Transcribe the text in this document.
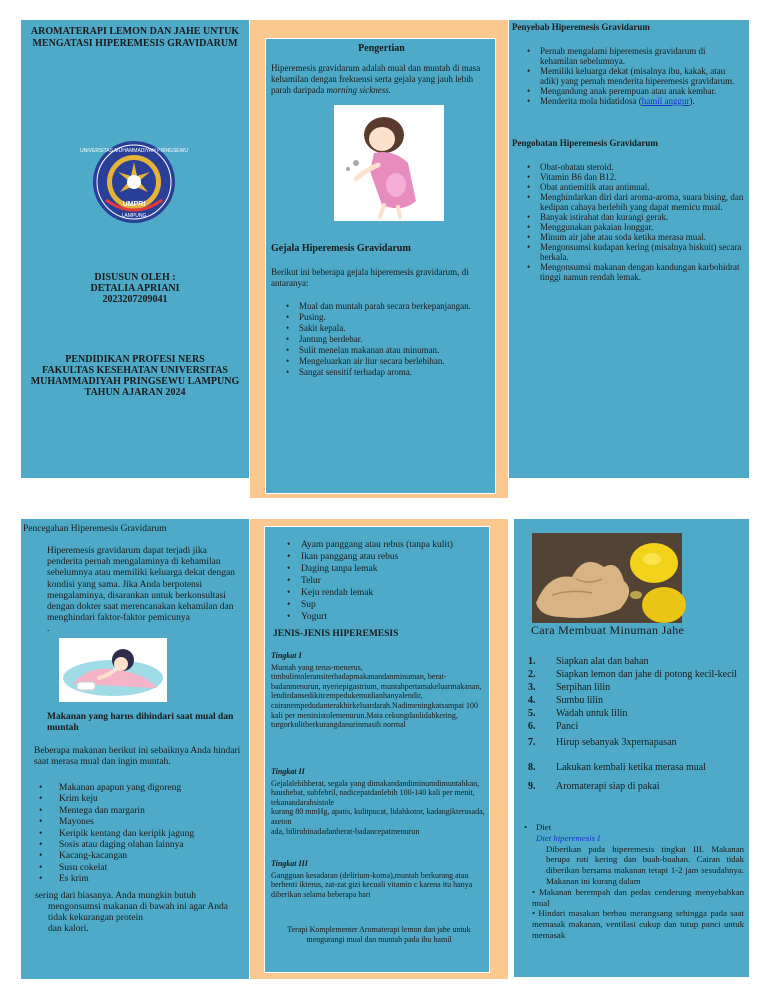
AROMATERAPI LEMON DAN JAHE UNTUK MENGATASI HIPEREMESIS GRAVIDARUM
UNIVERSITAS MUHAMMADIYAH PRINGSEWU
UMPRI
LAMPUNG
DISUSUN OLEH :
DETALIA APRIANI
2023207209041
PENDIDIKAN PROFESI NERS
FAKULTAS KESEHATAN UNIVERSITAS MUHAMMADIYAH PRINGSEWU LAMPUNG
TAHUN AJARAN 2024
Pengertian
Hiperemesis gravidarum adalah mual dan muntah di masa kehamilan dengan frekuensi serta gejala yang jauh lebih parah daripada morning sickness.
Gejala Hiperemesis Gravidarum
Berikut ini beberapa gejala hiperemesis gravidarum, di antaranya:
• Mual dan muntah parah secara berkepanjangan.
• Pusing.
• Sakit kepala.
• Jantung berdebar.
• Sulit menelan makanan atau minuman.
• Mengeluarkan air liur secara berlebihan.
• Sangat sensitif terhadap aroma.
Penyebab Hiperemesis Gravidarum
• Pernah mengalami hiperemesis gravidarum di kehamilan sebelumnya.
• Memiliki keluarga dekat (misalnya ibu, kakak, atau adik) yang pernah menderita hiperemesis gravidarum.
• Mengandung anak perempuan atau anak kembar.
• Menderita mola hidatidosa (hamil anggur).
Pengobatan Hiperemesis Gravidarum
• Obat-obatan steroid.
• Vitamin B6 dan B12.
• Obat antiemitik atau antimual.
• Menghindarkan diri dari aroma-aroma, suara bising, dan kedipan cahaya berlebih yang dapat memicu mual.
• Banyak istirahat dan kurangi gerak.
• Menggunakan pakaian longgar.
• Minum air jahe atau soda ketika merasa mual.
• Mengonsumsi kudapan kering (misalnya biskuit) secara berkala.
• Mengonsumsi makanan dengan kandungan karbohidrat tinggi namun rendah lemak.
Pencegahan Hiperemesis Gravidarum
Hiperemesis gravidarum dapat terjadi jika penderita pernah mengalaminya di kehamilan sebelumnya atau memiliki keluarga dekat dengan kondisi yang sama. Jika Anda berpotensi mengalaminya, disarankan untuk berkonsultasi dengan dokter saat merencanakan kehamilan dan menghindari faktor-faktor pemicunya
.
Makanan yang harus dihindari saat mual dan muntah
Beberapa makanan berikut ini sebaiknya Anda hindari saat merasa mual dan ingin muntah.
• Makanan apapun yang digoreng
• Krim keju
• Mentega dan margarin
• Mayones
• Keripik kentang dan keripik jagung
• Sosis atau daging olahan lainnya
• Kacang-kacangan
• Susu cokelat
• Es krim
sering dari biasanya. Anda mungkin butuh
mengonsumsi makanan di bawah ini agar Anda
tidak kekurangan protein
dan kalori.
• Ayam panggang atau rebus (tanpa kulit)
• Ikan panggang atau rebus
• Daging tanpa lemak
• Telur
• Keju rendah lemak
• Sup
• Yogurt
JENIS-JENIS HIPEREMESIS
Tingkat I
Muntah yang terus-menerus, timbulintoleransiterhadapmakanandanminuman, berat-badanmenurun, nyeriepigastrium, muntahpertamakeluarmakanan, lendirdansedikitcempedukemudianhanyalendir, cairanempedudanterakhirkeluardarah.Nadimeningkatsampai 100 kali per menitsistolemenurun.Mata cekungdanlidahkering, turgorkulitberkurangdanurinmasih normal
Tingkat II
Gejalalebihberat, segala yang dimakandandiminumdimuntahkan, haushebat, subfebril, nadicepatdanlebih 100-140 kali per menit, tekanandarahsistole
kurang 80 mmHg, apatis, kulitpucat, lidahkotor, kadangikterusada, aseton
ada, bilirubinadadanberat-badancepatmenurun
Tingkat III
Gangguan kesadaran (delirium-koma),muntah berkurang atau berhenti ikterus, zat-zat gizi kecuali vitamin c karena itu hanya diberikan selama beberapa hari
Terapi Komplementer Aromaterapi lemon dan jahe untuk mengurangi mual dan muntah pada ibu hamil
Cara Membuat Minuman Jahe
1. Siapkan alat dan bahan
2. Siapkan lemon dan jahe di potong kecil-kecil
3. Serpihan lilin
4. Sumbu lilin
5. Wadah untuk lilin
6. Panci
7. Hirup sebanyak 3xpernapasan
8. Lakukan kembali ketika merasa mual
9. Aromaterapi siap di pakai
• Diet
Diet hiperemesis I
Diberikan pada hiperemesis tingkat III. Makanan berupa roti kering dan buah-buahan. Cairan tidak diberikan bersama makanan tetapi 1-2 jam sesudahnya. Makanan ini kurang dalam
• Makanan berempah dan pedas cenderung menyebabkan mual
• Hindari masakan berbau merangsang sehingga pada saat memasak makanan, ventilasi cukup dan tutup panci untuk memasak
